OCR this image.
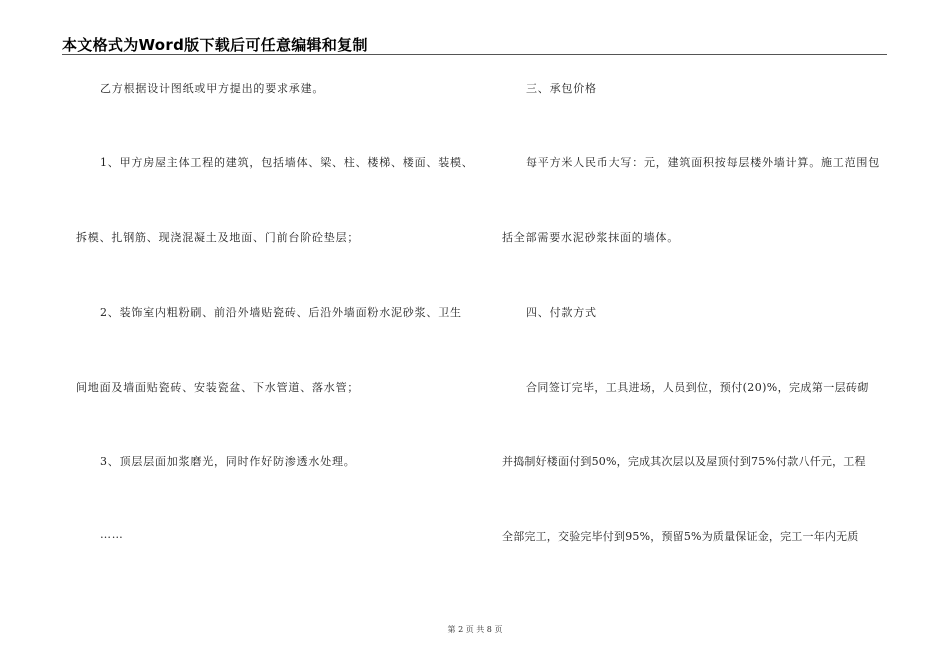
本文格式为Word版下载后可任意编辑和复制
乙方根据设计图纸或甲方提出的要求承建。
1、甲方房屋主体工程的建筑，包括墙体、梁、柱、楼梯、楼面、装模、
拆模、扎钢筋、现浇混凝土及地面、门前台阶砼垫层；
2、装饰室内粗粉刷、前沿外墙贴瓷砖、后沿外墙面粉水泥砂浆、卫生
间地面及墙面贴瓷砖、安装瓷盆、下水管道、落水管；
3、顶层层面加浆磨光，同时作好防渗透水处理。
……
三、承包价格
每平方米人民币大写：元，建筑面积按每层楼外墙计算。施工范围包
括全部需要水泥砂浆抹面的墙体。
四、付款方式
合同签订完毕，工具进场，人员到位，预付(20)%，完成第一层砖砌
并捣制好楼面付到50%，完成其次层以及屋顶付到75%付款八仟元，工程
全部完工，交验完毕付到95%，预留5%为质量保证金，完工一年内无质
第 2 页 共 8 页
